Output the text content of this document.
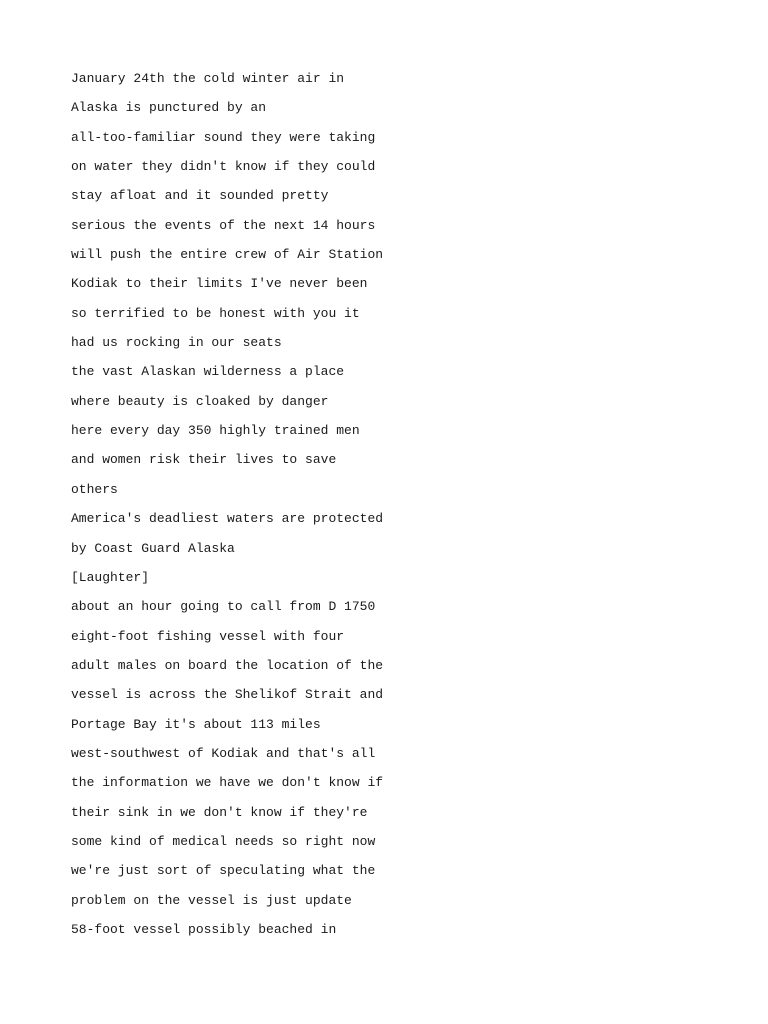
January 24th the cold winter air in

Alaska is punctured by an

all-too-familiar sound they were taking

on water they didn't know if they could

stay afloat and it sounded pretty

serious the events of the next 14 hours

will push the entire crew of Air Station

Kodiak to their limits I've never been

so terrified to be honest with you it

had us rocking in our seats

the vast Alaskan wilderness a place

where beauty is cloaked by danger

here every day 350 highly trained men

and women risk their lives to save

others

America's deadliest waters are protected

by Coast Guard Alaska

[Laughter]

about an hour going to call from D 1750

eight-foot fishing vessel with four

adult males on board the location of the

vessel is across the Shelikof Strait and

Portage Bay it's about 113 miles

west-southwest of Kodiak and that's all

the information we have we don't know if

their sink in we don't know if they're

some kind of medical needs so right now

we're just sort of speculating what the

problem on the vessel is just update

58-foot vessel possibly beached in
